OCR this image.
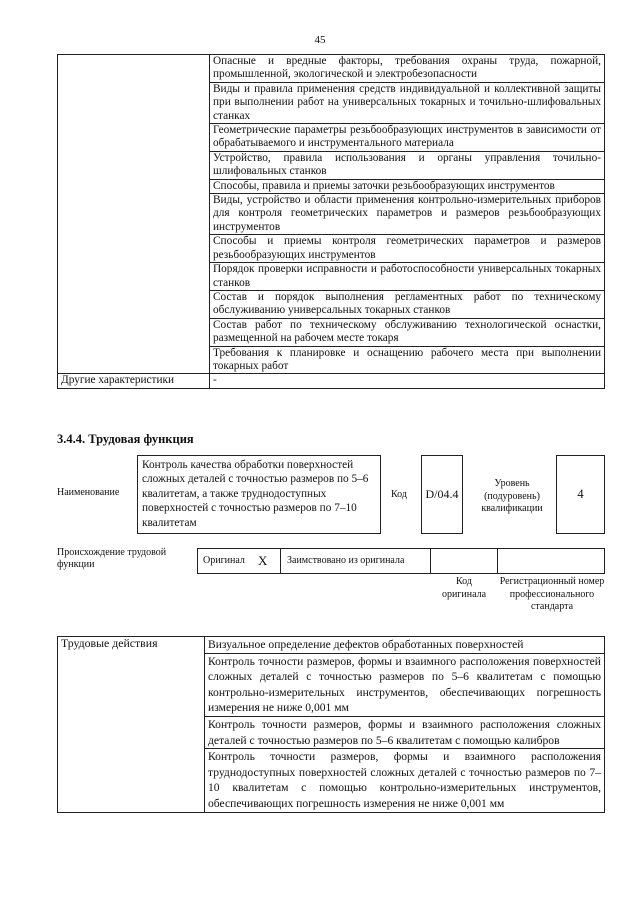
45
	Опасные и вредные факторы, требования охраны труда, пожарной, промышленной, экологической и электробезопасности
	Виды и правила применения средств индивидуальной и коллективной защиты при выполнении работ на универсальных токарных и точильно-шлифовальных станках
	Геометрические параметры резьбообразующих инструментов в зависимости от обрабатываемого и инструментального материала
	Устройство, правила использования и органы управления точильно-шлифовальных станков
	Способы, правила и приемы заточки резьбообразующих инструментов
	Виды, устройство и области применения контрольно-измерительных приборов для контроля геометрических параметров и размеров резьбообразующих инструментов
	Способы и приемы контроля геометрических параметров и размеров резьбообразующих инструментов
	Порядок проверки исправности и работоспособности универсальных токарных станков
	Состав и порядок выполнения регламентных работ по техническому обслуживанию универсальных токарных станков
	Состав работ по техническому обслуживанию технологической оснастки, размещенной на рабочем месте токаря
	Требования к планировке и оснащению рабочего места при выполнении токарных работ
Другие характеристики	-
3.4.4. Трудовая функция
Наименование
Контроль качества обработки поверхностей сложных деталей с точностью размеров по 5–6 квалитетам, а также труднодоступных поверхностей с точностью размеров по 7–10 квалитетам
Код D/04.4
Уровень (подуровень) квалификации
4
Происхождение трудовой функции	Оригинал X Заимствовано из оригинала
Код оригинала
Регистрационный номер профессионального стандарта
Трудовые действия	Визуальное определение дефектов обработанных поверхностей
Контроль точности размеров, формы и взаимного расположения поверхностей сложных деталей с точностью размеров по 5–6 квалитетам с помощью контрольно-измерительных инструментов, обеспечивающих погрешность измерения не ниже 0,001 мм
Контроль точности размеров, формы и взаимного расположения сложных деталей с точностью размеров по 5–6 квалитетам с помощью калибров
Контроль точности размеров, формы и взаимного расположения труднодоступных поверхностей сложных деталей с точностью размеров по 7–10 квалитетам с помощью контрольно-измерительных инструментов, обеспечивающих погрешность измерения не ниже 0,001 мм
